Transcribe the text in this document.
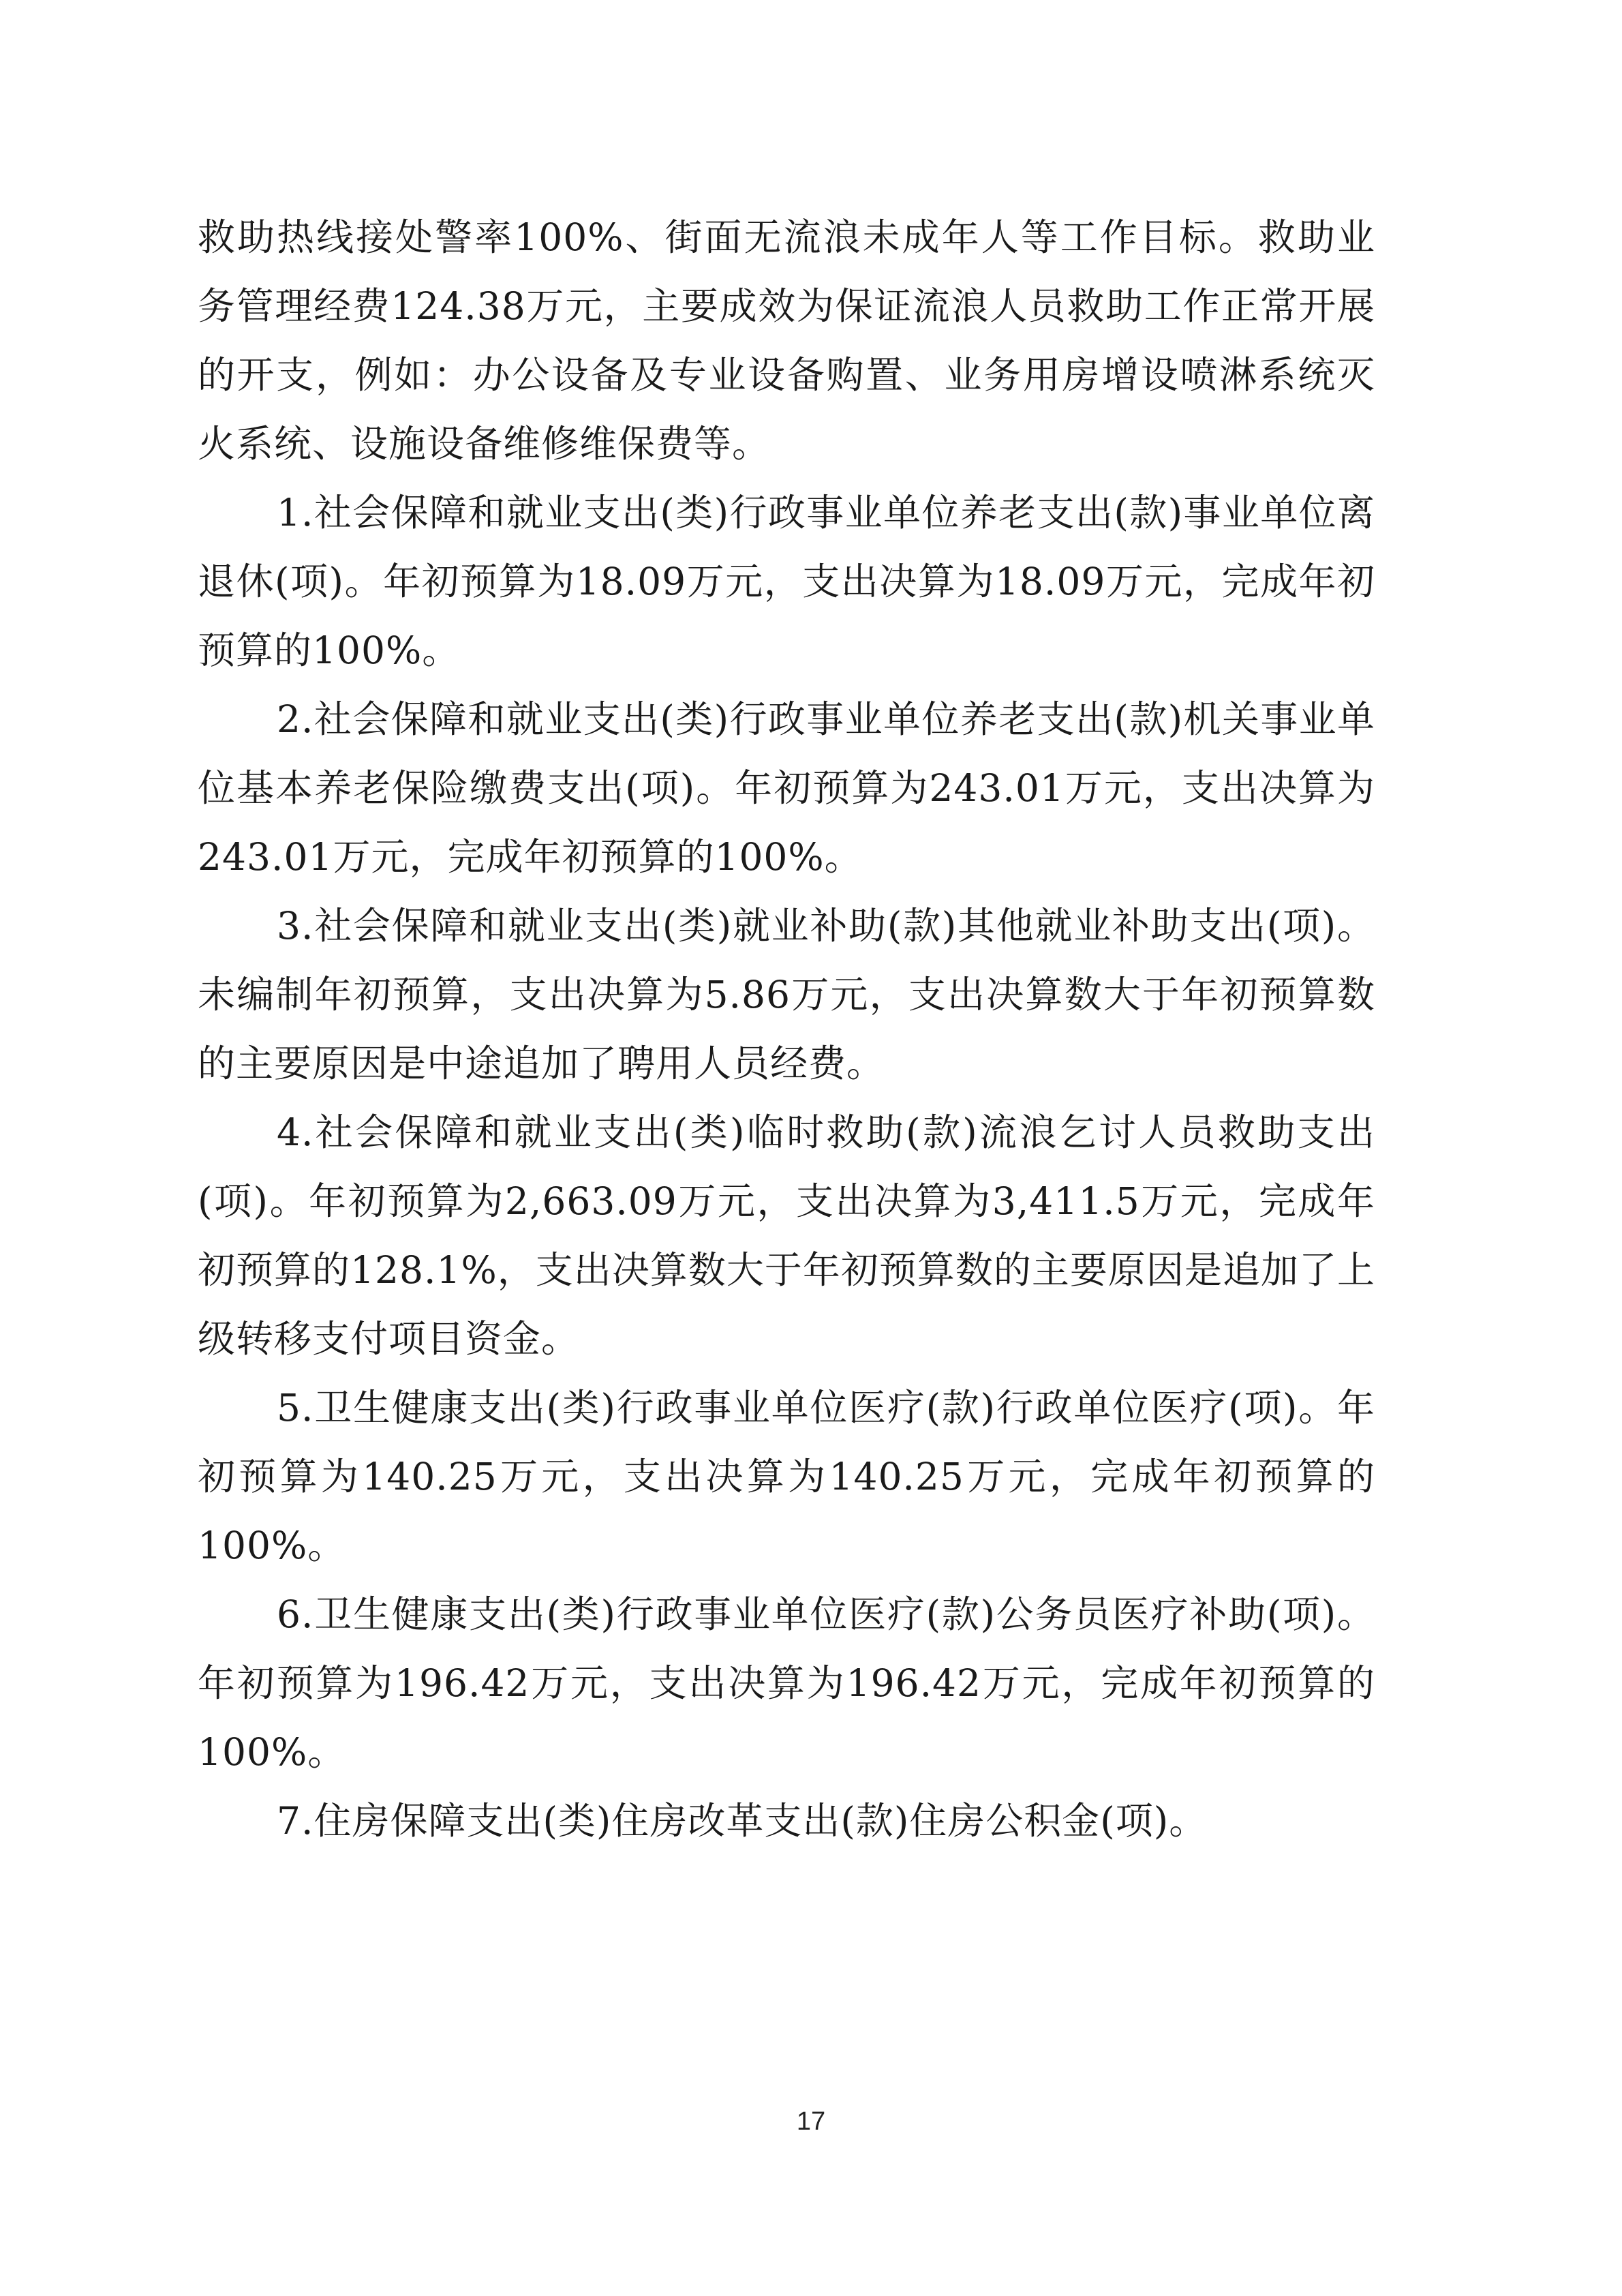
救助热线接处警率100%、街面无流浪未成年人等工作目标。救助业务管理经费124.38万元，主要成效为保证流浪人员救助工作正常开展的开支，例如：办公设备及专业设备购置、业务用房增设喷淋系统灭火系统、设施设备维修维保费等。

1.社会保障和就业支出(类)行政事业单位养老支出(款)事业单位离退休(项)。年初预算为18.09万元，支出决算为18.09万元，完成年初预算的100%。

2.社会保障和就业支出(类)行政事业单位养老支出(款)机关事业单位基本养老保险缴费支出(项)。年初预算为243.01万元，支出决算为243.01万元，完成年初预算的100%。

3.社会保障和就业支出(类)就业补助(款)其他就业补助支出(项)。未编制年初预算，支出决算为5.86万元，支出决算数大于年初预算数的主要原因是中途追加了聘用人员经费。

4.社会保障和就业支出(类)临时救助(款)流浪乞讨人员救助支出(项)。年初预算为2,663.09万元，支出决算为3,411.5万元，完成年初预算的128.1%，支出决算数大于年初预算数的主要原因是追加了上级转移支付项目资金。

5.卫生健康支出(类)行政事业单位医疗(款)行政单位医疗(项)。年初预算为140.25万元，支出决算为140.25万元，完成年初预算的100%。

6.卫生健康支出(类)行政事业单位医疗(款)公务员医疗补助(项)。年初预算为196.42万元，支出决算为196.42万元，完成年初预算的100%。

7.住房保障支出(类)住房改革支出(款)住房公积金(项)。

17
